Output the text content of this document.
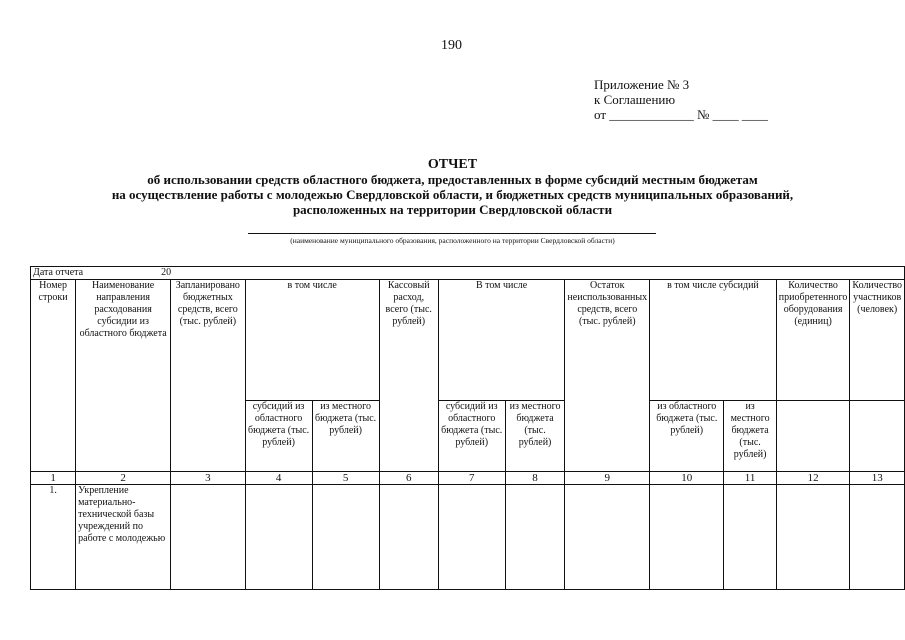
190
Приложение № 3
к Соглашению
от _____________ № ____ ____
ОТЧЕТ
об использовании средств областного бюджета, предоставленных в форме субсидий местным бюджетам
на осуществление работы с молодежью Свердловской области, и бюджетных средств муниципальных образований,
расположенных на территории Свердловской области
(наименование муниципального образования, расположенного на территории Свердловской области)
Дата отчета 20												
Номер строки	Наименование направления расходования субсидии из областного бюджета	Запланировано бюджетных средств, всего (тыс. рублей)	в том числе		Кассовый расход, всего (тыс. рублей)	В том числе		Остаток неиспользованных средств, всего (тыс. рублей)	в том числе субсидий		Количество приобретенного оборудования (единиц)	Количество участников (человек)
			субсидий из областного бюджета (тыс. рублей)	из местного бюджета (тыс. рублей)		субсидий из областного бюджета (тыс. рублей)	из местного бюджета (тыс. рублей)		из областного бюджета (тыс. рублей)	из местного бюджета (тыс. рублей)		
1	2	3	4	5	6	7	8	9	10	11	12	13
1.	Укрепление материально-технической базы учреждений по работе с молодежью											
